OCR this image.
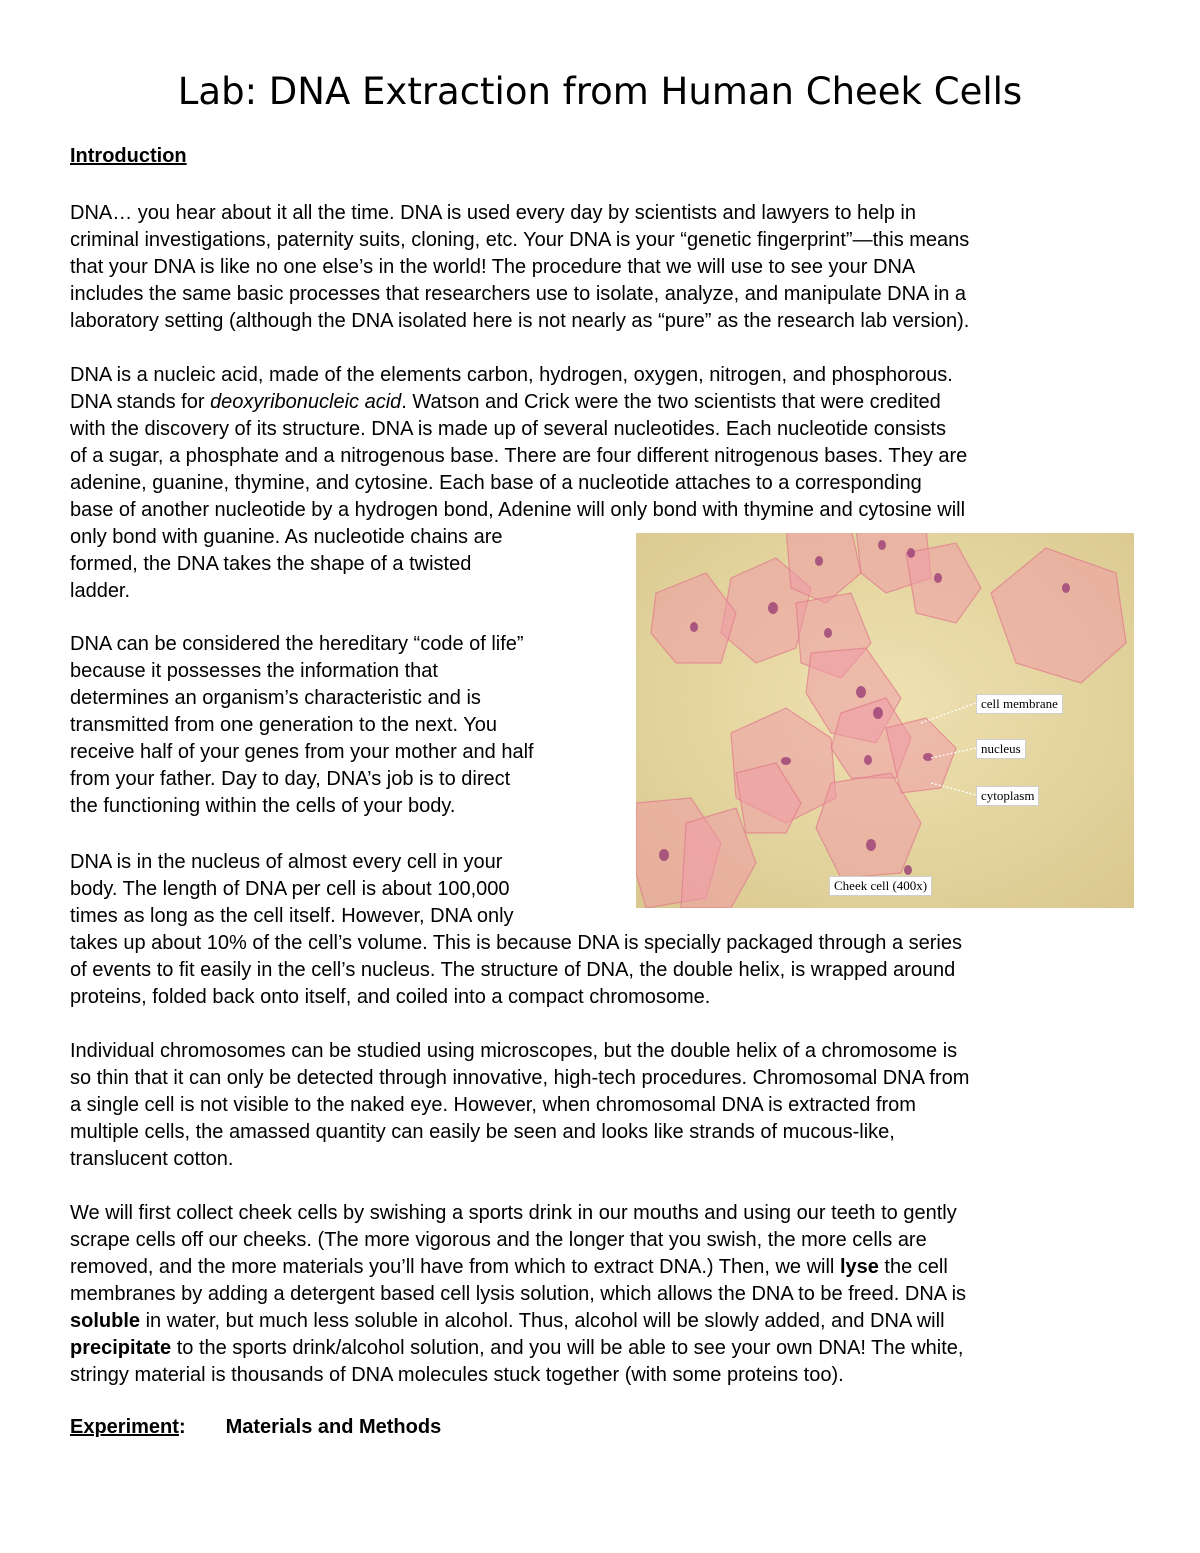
Lab: DNA Extraction from Human Cheek Cells
Introduction

DNA… you hear about it all the time. DNA is used every day by scientists and lawyers to help in
criminal investigations, paternity suits, cloning, etc. Your DNA is your “genetic fingerprint”—this means
that your DNA is like no one else’s in the world! The procedure that we will use to see your DNA
includes the same basic processes that researchers use to isolate, analyze, and manipulate DNA in a
laboratory setting (although the DNA isolated here is not nearly as “pure” as the research lab version).

DNA is a nucleic acid, made of the elements carbon, hydrogen, oxygen, nitrogen, and phosphorous.
DNA stands for deoxyribonucleic acid. Watson and Crick were the two scientists that were credited
with the discovery of its structure. DNA is made up of several nucleotides. Each nucleotide consists
of a sugar, a phosphate and a nitrogenous base. There are four different nitrogenous bases. They are
adenine, guanine, thymine, and cytosine. Each base of a nucleotide attaches to a corresponding
base of another nucleotide by a hydrogen bond, Adenine will only bond with thymine and cytosine will
only bond with guanine. As nucleotide chains are
formed, the DNA takes the shape of a twisted
ladder.

DNA can be considered the hereditary “code of life”
because it possesses the information that
determines an organism’s characteristic and is
transmitted from one generation to the next. You
receive half of your genes from your mother and half
from your father. Day to day, DNA’s job is to direct
the functioning within the cells of your body.

DNA is in the nucleus of almost every cell in your
body. The length of DNA per cell is about 100,000
times as long as the cell itself. However, DNA only
takes up about 10% of the cell’s volume. This is because DNA is specially packaged through a series
of events to fit easily in the cell’s nucleus. The structure of DNA, the double helix, is wrapped around
proteins, folded back onto itself, and coiled into a compact chromosome.

Individual chromosomes can be studied using microscopes, but the double helix of a chromosome is
so thin that it can only be detected through innovative, high-tech procedures. Chromosomal DNA from
a single cell is not visible to the naked eye. However, when chromosomal DNA is extracted from
multiple cells, the amassed quantity can easily be seen and looks like strands of mucous-like,
translucent cotton.

We will first collect cheek cells by swishing a sports drink in our mouths and using our teeth to gently
scrape cells off our cheeks. (The more vigorous and the longer that you swish, the more cells are
removed, and the more materials you’ll have from which to extract DNA.) Then, we will lyse the cell
membranes by adding a detergent based cell lysis solution, which allows the DNA to be freed. DNA is
soluble in water, but much less soluble in alcohol. Thus, alcohol will be slowly added, and DNA will
precipitate to the sports drink/alcohol solution, and you will be able to see your own DNA! The white,
stringy material is thousands of DNA molecules stuck together (with some proteins too).

Experiment: Materials and Methods

cell membrane
nucleus
cytoplasm
Cheek cell (400x)
